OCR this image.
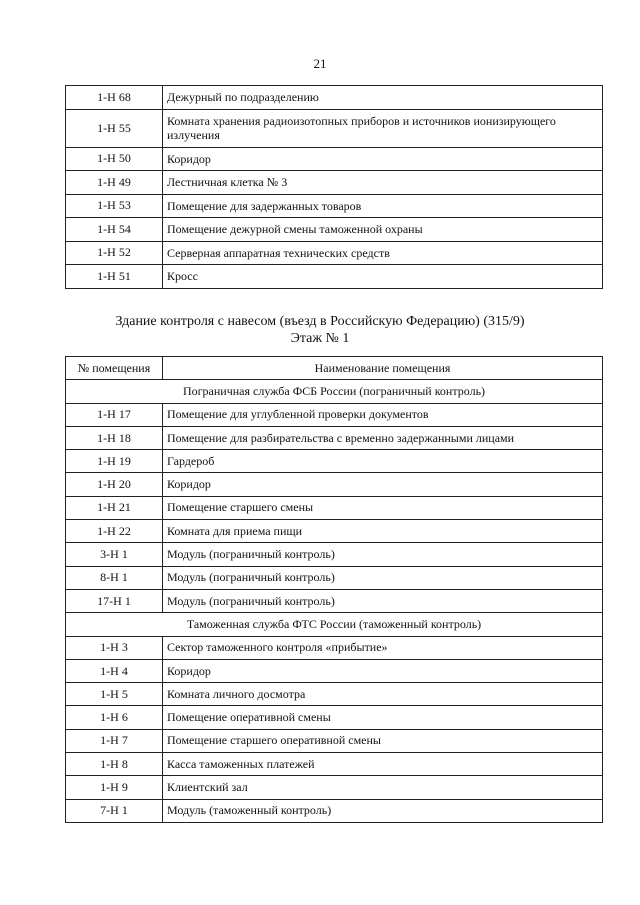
21
1-Н 68	Дежурный по подразделению
1-Н 55	Комната хранения радиоизотопных приборов и источников ионизирующего излучения
1-Н 50	Коридор
1-Н 49	Лестничная клетка № 3
1-Н 53	Помещение для задержанных товаров
1-Н 54	Помещение дежурной смены таможенной охраны
1-Н 52	Серверная аппаратная технических средств
1-Н 51	Кросс
Здание контроля с навесом (въезд в Российскую Федерацию) (315/9)
Этаж № 1
№ помещения	Наименование помещения
Пограничная служба ФСБ России (пограничный контроль)	
1-Н 17	Помещение для углубленной проверки документов
1-Н 18	Помещение для разбирательства с временно задержанными лицами
1-Н 19	Гардероб
1-Н 20	Коридор
1-Н 21	Помещение старшего смены
1-Н 22	Комната для приема пищи
3-Н 1	Модуль (пограничный контроль)
8-Н 1	Модуль (пограничный контроль)
17-Н 1	Модуль (пограничный контроль)
Таможенная служба ФТС России (таможенный контроль)	
1-Н 3	Сектор таможенного контроля «прибытие»
1-Н 4	Коридор
1-Н 5	Комната личного досмотра
1-Н 6	Помещение оперативной смены
1-Н 7	Помещение старшего оперативной смены
1-Н 8	Касса таможенных платежей
1-Н 9	Клиентский зал
7-Н 1	Модуль (таможенный контроль)
